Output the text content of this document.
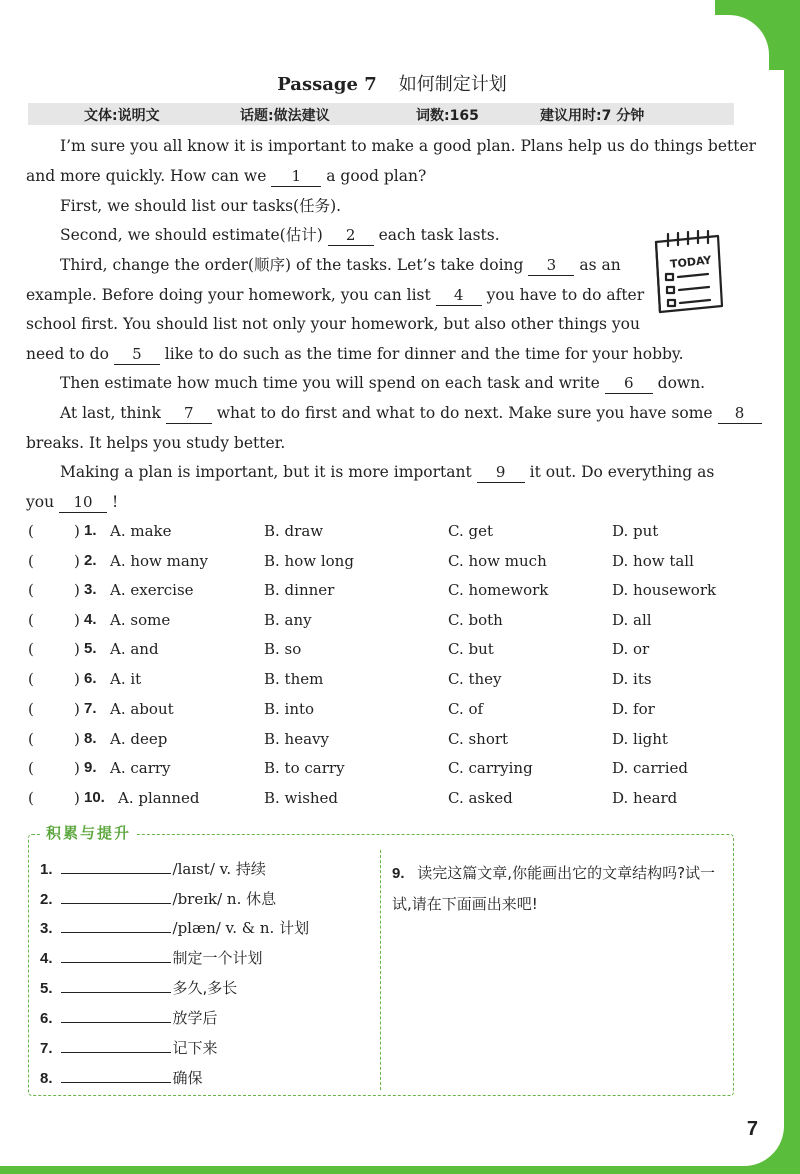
Passage 7 如何制定计划
文体:说明文	话题:做法建议	词数:165	建议用时:7 分钟
I’m sure you all know it is important to make a good plan. Plans help us do things better
and more quickly. How can we 1 a good plan?
First, we should list our tasks(任务).
Second, we should estimate(估计) 2 each task lasts.
Third, change the order(顺序) of the tasks. Let’s take doing 3 as an
example. Before doing your homework, you can list 4 you have to do after
school first. You should list not only your homework, but also other things you
need to do 5 like to do such as the time for dinner and the time for your hobby.
Then estimate how much time you will spend on each task and write 6 down.
At last, think 7 what to do first and what to do next. Make sure you have some 8
breaks. It helps you study better.
Making a plan is important, but it is more important 9 it out. Do everything as
you 10 !
TODAY
(	) 1. A. make	B. draw	C. get	D. put
(	) 2. A. how many	B. how long	C. how much	D. how tall
(	) 3. A. exercise	B. dinner	C. homework	D. housework
(	) 4. A. some	B. any	C. both	D. all
(	) 5. A. and	B. so	C. but	D. or
(	) 6. A. it	B. them	C. they	D. its
(	) 7. A. about	B. into	C. of	D. for
(	) 8. A. deep	B. heavy	C. short	D. light
(	) 9. A. carry	B. to carry	C. carrying	D. carried
(	) 10. A. planned	B. wished	C. asked	D. heard
积累与提升
1.	/laɪst/ v. 持续
2.	/breɪk/ n. 休息
3.	/plæn/ v. & n. 计划
4.	制定一个计划
5.	多久,多长
6.	放学后
7.	记下来
8.	确保
9. 读完这篇文章,你能画出它的文章结构吗?试一试,请在下面画出来吧!
7
